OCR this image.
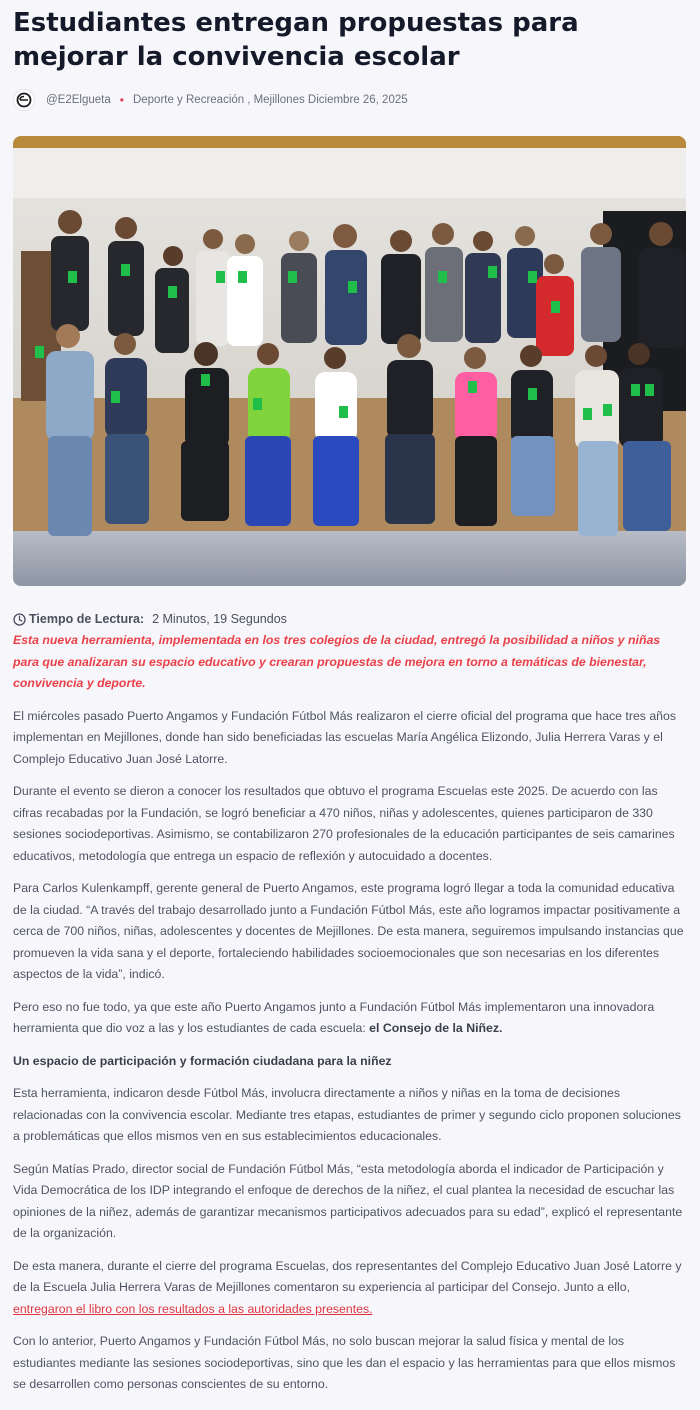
Estudiantes entregan propuestas para mejorar la convivencia escolar
@E2Elgueta • Deporte y Recreación , Mejillones Diciembre 26, 2025
Tiempo de Lectura: 2 Minutos, 19 Segundos

Esta nueva herramienta, implementada en los tres colegios de la ciudad, entregó la posibilidad a niños y niñas para que analizaran su espacio educativo y crearan propuestas de mejora en torno a temáticas de bienestar, convivencia y deporte.

El miércoles pasado Puerto Angamos y Fundación Fútbol Más realizaron el cierre oficial del programa que hace tres años implementan en Mejillones, donde han sido beneficiadas las escuelas María Angélica Elizondo, Julia Herrera Varas y el Complejo Educativo Juan José Latorre.

Durante el evento se dieron a conocer los resultados que obtuvo el programa Escuelas este 2025. De acuerdo con las cifras recabadas por la Fundación, se logró beneficiar a 470 niños, niñas y adolescentes, quienes participaron de 330 sesiones sociodeportivas. Asimismo, se contabilizaron 270 profesionales de la educación participantes de seis camarines educativos, metodología que entrega un espacio de reflexión y autocuidado a docentes.

Para Carlos Kulenkampff, gerente general de Puerto Angamos, este programa logró llegar a toda la comunidad educativa de la ciudad. “A través del trabajo desarrollado junto a Fundación Fútbol Más, este año logramos impactar positivamente a cerca de 700 niños, niñas, adolescentes y docentes de Mejillones. De esta manera, seguiremos impulsando instancias que promueven la vida sana y el deporte, fortaleciendo habilidades socioemocionales que son necesarias en los diferentes aspectos de la vida”, indicó.

Pero eso no fue todo, ya que este año Puerto Angamos junto a Fundación Fútbol Más implementaron una innovadora herramienta que dio voz a las y los estudiantes de cada escuela: el Consejo de la Niñez.

Un espacio de participación y formación ciudadana para la niñez

Esta herramienta, indicaron desde Fútbol Más, involucra directamente a niños y niñas en la toma de decisiones relacionadas con la convivencia escolar. Mediante tres etapas, estudiantes de primer y segundo ciclo proponen soluciones a problemáticas que ellos mismos ven en sus establecimientos educacionales.

Según Matías Prado, director social de Fundación Fútbol Más, “esta metodología aborda el indicador de Participación y Vida Democrática de los IDP integrando el enfoque de derechos de la niñez, el cual plantea la necesidad de escuchar las opiniones de la niñez, además de garantizar mecanismos participativos adecuados para su edad”, explicó el representante de la organización.

De esta manera, durante el cierre del programa Escuelas, dos representantes del Complejo Educativo Juan José Latorre y de la Escuela Julia Herrera Varas de Mejillones comentaron su experiencia al participar del Consejo. Junto a ello, entregaron el libro con los resultados a las autoridades presentes.

Con lo anterior, Puerto Angamos y Fundación Fútbol Más, no solo buscan mejorar la salud física y mental de los estudiantes mediante las sesiones sociodeportivas, sino que les dan el espacio y las herramientas para que ellos mismos se desarrollen como personas conscientes de su entorno.
